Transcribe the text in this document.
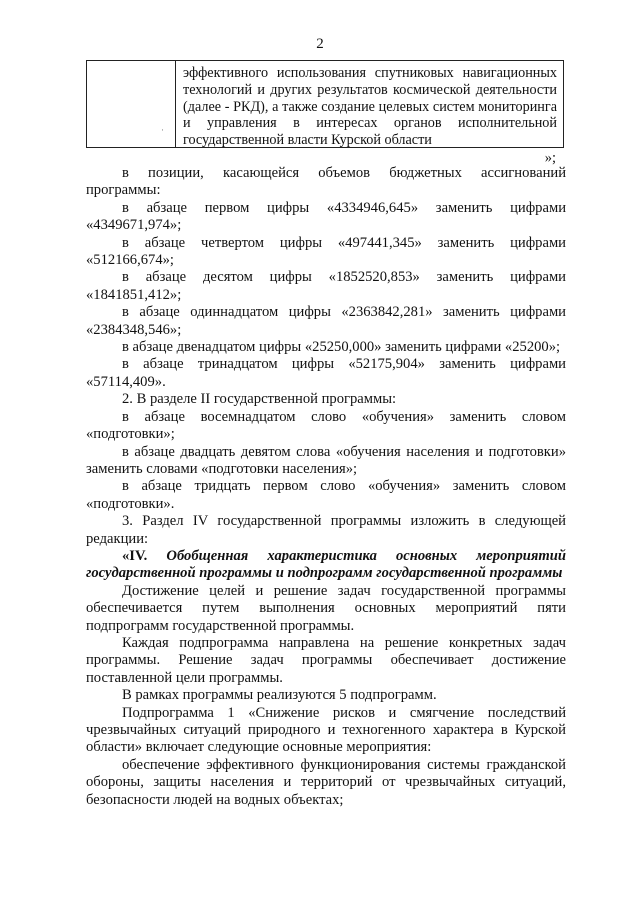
2
·
эффективного использования спутниковых навигационных технологий и других результатов космической деятельности (далее - РКД), а также создание целевых систем мониторинга и управления в интересах органов исполнительной государственной власти Курской области
»;

в позиции, касающейся объемов бюджетных ассигнований программы:

в абзаце первом цифры «4334946,645» заменить цифрами «4349671,974»;

в абзаце четвертом цифры «497441,345» заменить цифрами «512166,674»;

в абзаце десятом цифры «1852520,853» заменить цифрами «1841851,412»;

в абзаце одиннадцатом цифры «2363842,281» заменить цифрами «2384348,546»;

в абзаце двенадцатом цифры «25250,000» заменить цифрами «25200»;

в абзаце тринадцатом цифры «52175,904» заменить цифрами «57114,409».

2. В разделе II государственной программы:

в абзаце восемнадцатом слово «обучения» заменить словом «подготовки»;

в абзаце двадцать девятом слова «обучения населения и подготовки» заменить словами «подготовки населения»;

в абзаце тридцать первом слово «обучения» заменить словом «подготовки».

3. Раздел IV государственной программы изложить в следующей редакции:

«IV. Обобщенная характеристика основных мероприятий государственной программы и подпрограмм государственной программы

Достижение целей и решение задач государственной программы обеспечивается путем выполнения основных мероприятий пяти подпрограмм государственной программы.

Каждая подпрограмма направлена на решение конкретных задач программы. Решение задач программы обеспечивает достижение поставленной цели программы.

В рамках программы реализуются 5 подпрограмм.

Подпрограмма 1 «Снижение рисков и смягчение последствий чрезвычайных ситуаций природного и техногенного характера в Курской области» включает следующие основные мероприятия:

обеспечение эффективного функционирования системы гражданской обороны, защиты населения и территорий от чрезвычайных ситуаций, безопасности людей на водных объектах;
